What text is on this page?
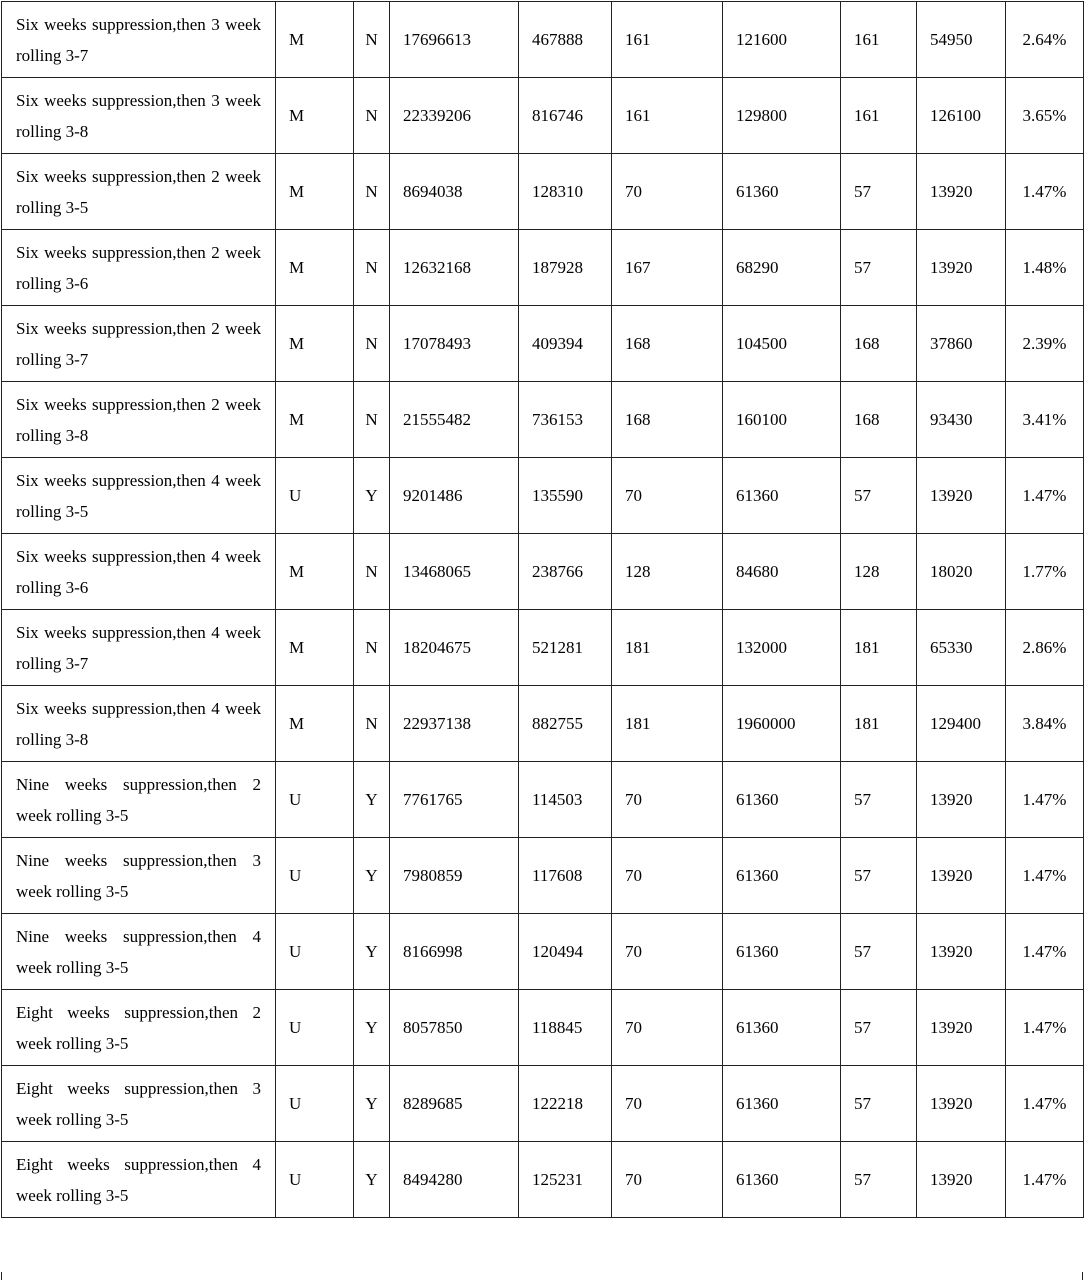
Six weeks suppression,then 3 week rolling 3-7	M	N	17696613	467888	161	121600	161	54950	2.64%
Six weeks suppression,then 3 week rolling 3-8	M	N	22339206	816746	161	129800	161	126100	3.65%
Six weeks suppression,then 2 week rolling 3-5	M	N	8694038	128310	70	61360	57	13920	1.47%
Six weeks suppression,then 2 week rolling 3-6	M	N	12632168	187928	167	68290	57	13920	1.48%
Six weeks suppression,then 2 week rolling 3-7	M	N	17078493	409394	168	104500	168	37860	2.39%
Six weeks suppression,then 2 week rolling 3-8	M	N	21555482	736153	168	160100	168	93430	3.41%
Six weeks suppression,then 4 week rolling 3-5	U	Y	9201486	135590	70	61360	57	13920	1.47%
Six weeks suppression,then 4 week rolling 3-6	M	N	13468065	238766	128	84680	128	18020	1.77%
Six weeks suppression,then 4 week rolling 3-7	M	N	18204675	521281	181	132000	181	65330	2.86%
Six weeks suppression,then 4 week rolling 3-8	M	N	22937138	882755	181	1960000	181	129400	3.84%
Nine weeks suppression,then 2 week rolling 3-5	U	Y	7761765	114503	70	61360	57	13920	1.47%
Nine weeks suppression,then 3 week rolling 3-5	U	Y	7980859	117608	70	61360	57	13920	1.47%
Nine weeks suppression,then 4 week rolling 3-5	U	Y	8166998	120494	70	61360	57	13920	1.47%
Eight weeks suppression,then 2 week rolling 3-5	U	Y	8057850	118845	70	61360	57	13920	1.47%
Eight weeks suppression,then 3 week rolling 3-5	U	Y	8289685	122218	70	61360	57	13920	1.47%
Eight weeks suppression,then 4 week rolling 3-5	U	Y	8494280	125231	70	61360	57	13920	1.47%
